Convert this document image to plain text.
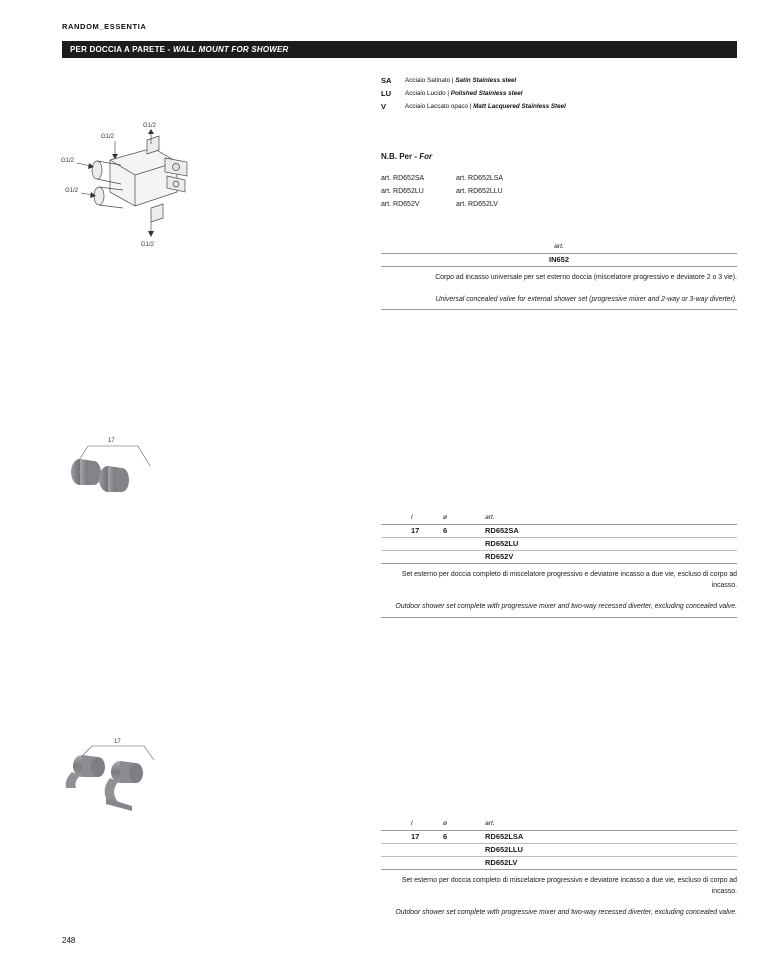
RANDOM_ESSENTIA
PER DOCCIA A PARETE - WALL MOUNT FOR SHOWER
SA Acciaio Satinato | Satin Stainless steel
LU Acciaio Lucido | Polished Stainless steel
V	Acciaio Laccato opaco | Matt Lacquered Stainless Steel
N.B. Per - For
art. RD652SA	art. RD652LSA
art. RD652LU	art. RD652LLU
art. RD652V	art. RD652LV
G1/2
G1/2
G1/2
G1/2
G1/2	art.
IN652
Corpo ad incasso universale per set esterno doccia (miscelatore progressivo e deviatore 2 o 3 vie).
Universal concealed valve for external shower set (progressive mixer and 2-way or 3-way diverter).
17
l	ø	art.
17	6	RD652SA
RD652LU
RD652V
Set esterno per doccia completo di miscelatore progressivo e deviatore incasso a due vie, escluso di corpo ad incasso.
Outdoor shower set complete with progressive mixer and two-way recessed diverter, excluding concealed valve.
17
l	ø	art.
17	6	RD652LSA
RD652LLU
RD652LV
Set esterno per doccia completo di miscelatore progressivo e deviatore incasso a due vie, escluso di corpo ad incasso.
Outdoor shower set complete with progressive mixer and two-way recessed diverter, excluding concealed valve.
248
